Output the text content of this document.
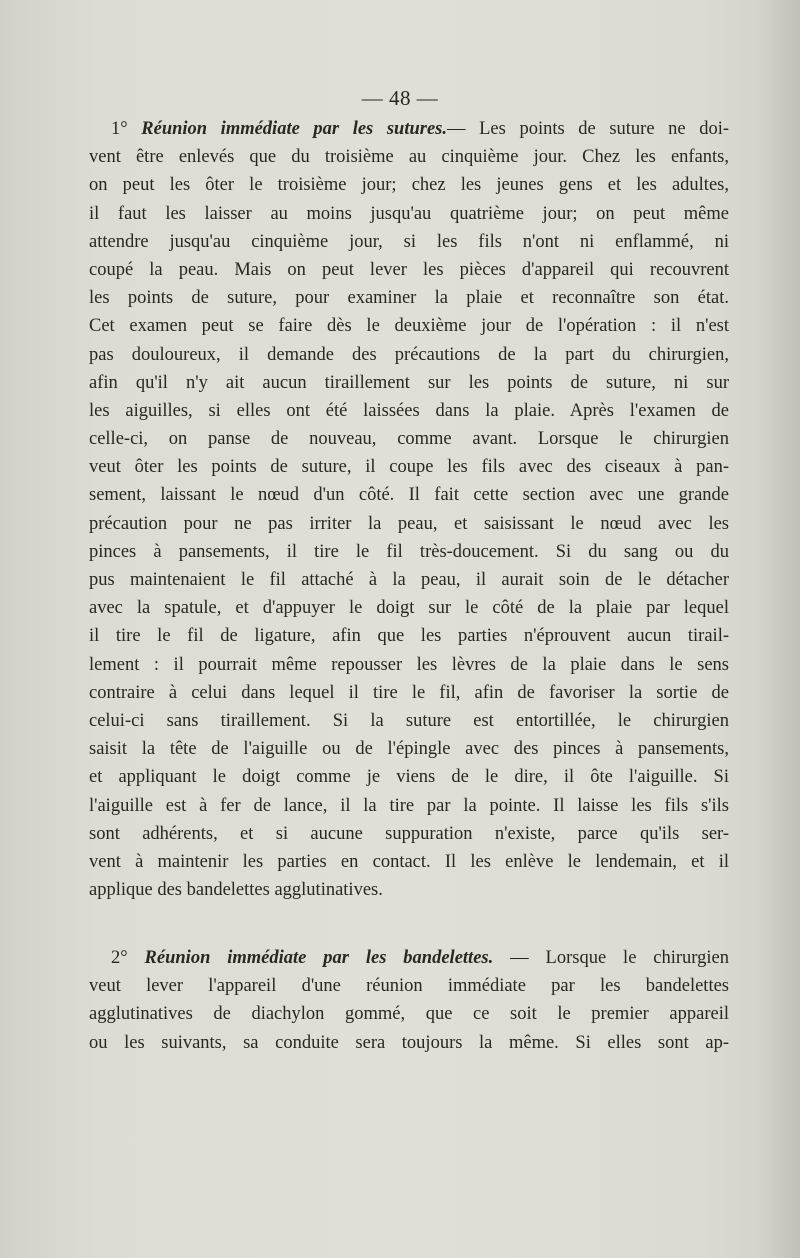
— 48 —
1° Réunion immédiate par les sutures.— Les points de suture ne doi-
vent être enlevés que du troisième au cinquième jour. Chez les enfants,
on peut les ôter le troisième jour; chez les jeunes gens et les adultes,
il faut les laisser au moins jusqu'au quatrième jour; on peut même
attendre jusqu'au cinquième jour, si les fils n'ont ni enflammé, ni
coupé la peau. Mais on peut lever les pièces d'appareil qui recouvrent
les points de suture, pour examiner la plaie et reconnaître son état.
Cet examen peut se faire dès le deuxième jour de l'opération : il n'est
pas douloureux, il demande des précautions de la part du chirurgien,
afin qu'il n'y ait aucun tiraillement sur les points de suture, ni sur
les aiguilles, si elles ont été laissées dans la plaie. Après l'examen de
celle-ci, on panse de nouveau, comme avant. Lorsque le chirurgien
veut ôter les points de suture, il coupe les fils avec des ciseaux à pan-
sement, laissant le nœud d'un côté. Il fait cette section avec une grande
précaution pour ne pas irriter la peau, et saisissant le nœud avec les
pinces à pansements, il tire le fil très-doucement. Si du sang ou du
pus maintenaient le fil attaché à la peau, il aurait soin de le détacher
avec la spatule, et d'appuyer le doigt sur le côté de la plaie par lequel
il tire le fil de ligature, afin que les parties n'éprouvent aucun tirail-
lement : il pourrait même repousser les lèvres de la plaie dans le sens
contraire à celui dans lequel il tire le fil, afin de favoriser la sortie de
celui-ci sans tiraillement. Si la suture est entortillée, le chirurgien
saisit la tête de l'aiguille ou de l'épingle avec des pinces à pansements,
et appliquant le doigt comme je viens de le dire, il ôte l'aiguille. Si
l'aiguille est à fer de lance, il la tire par la pointe. Il laisse les fils s'ils
sont adhérents, et si aucune suppuration n'existe, parce qu'ils ser-
vent à maintenir les parties en contact. Il les enlève le lendemain, et il
applique des bandelettes agglutinatives.
2° Réunion immédiate par les bandelettes. — Lorsque le chirurgien
veut lever l'appareil d'une réunion immédiate par les bandelettes
agglutinatives de diachylon gommé, que ce soit le premier appareil
ou les suivants, sa conduite sera toujours la même. Si elles sont ap-
